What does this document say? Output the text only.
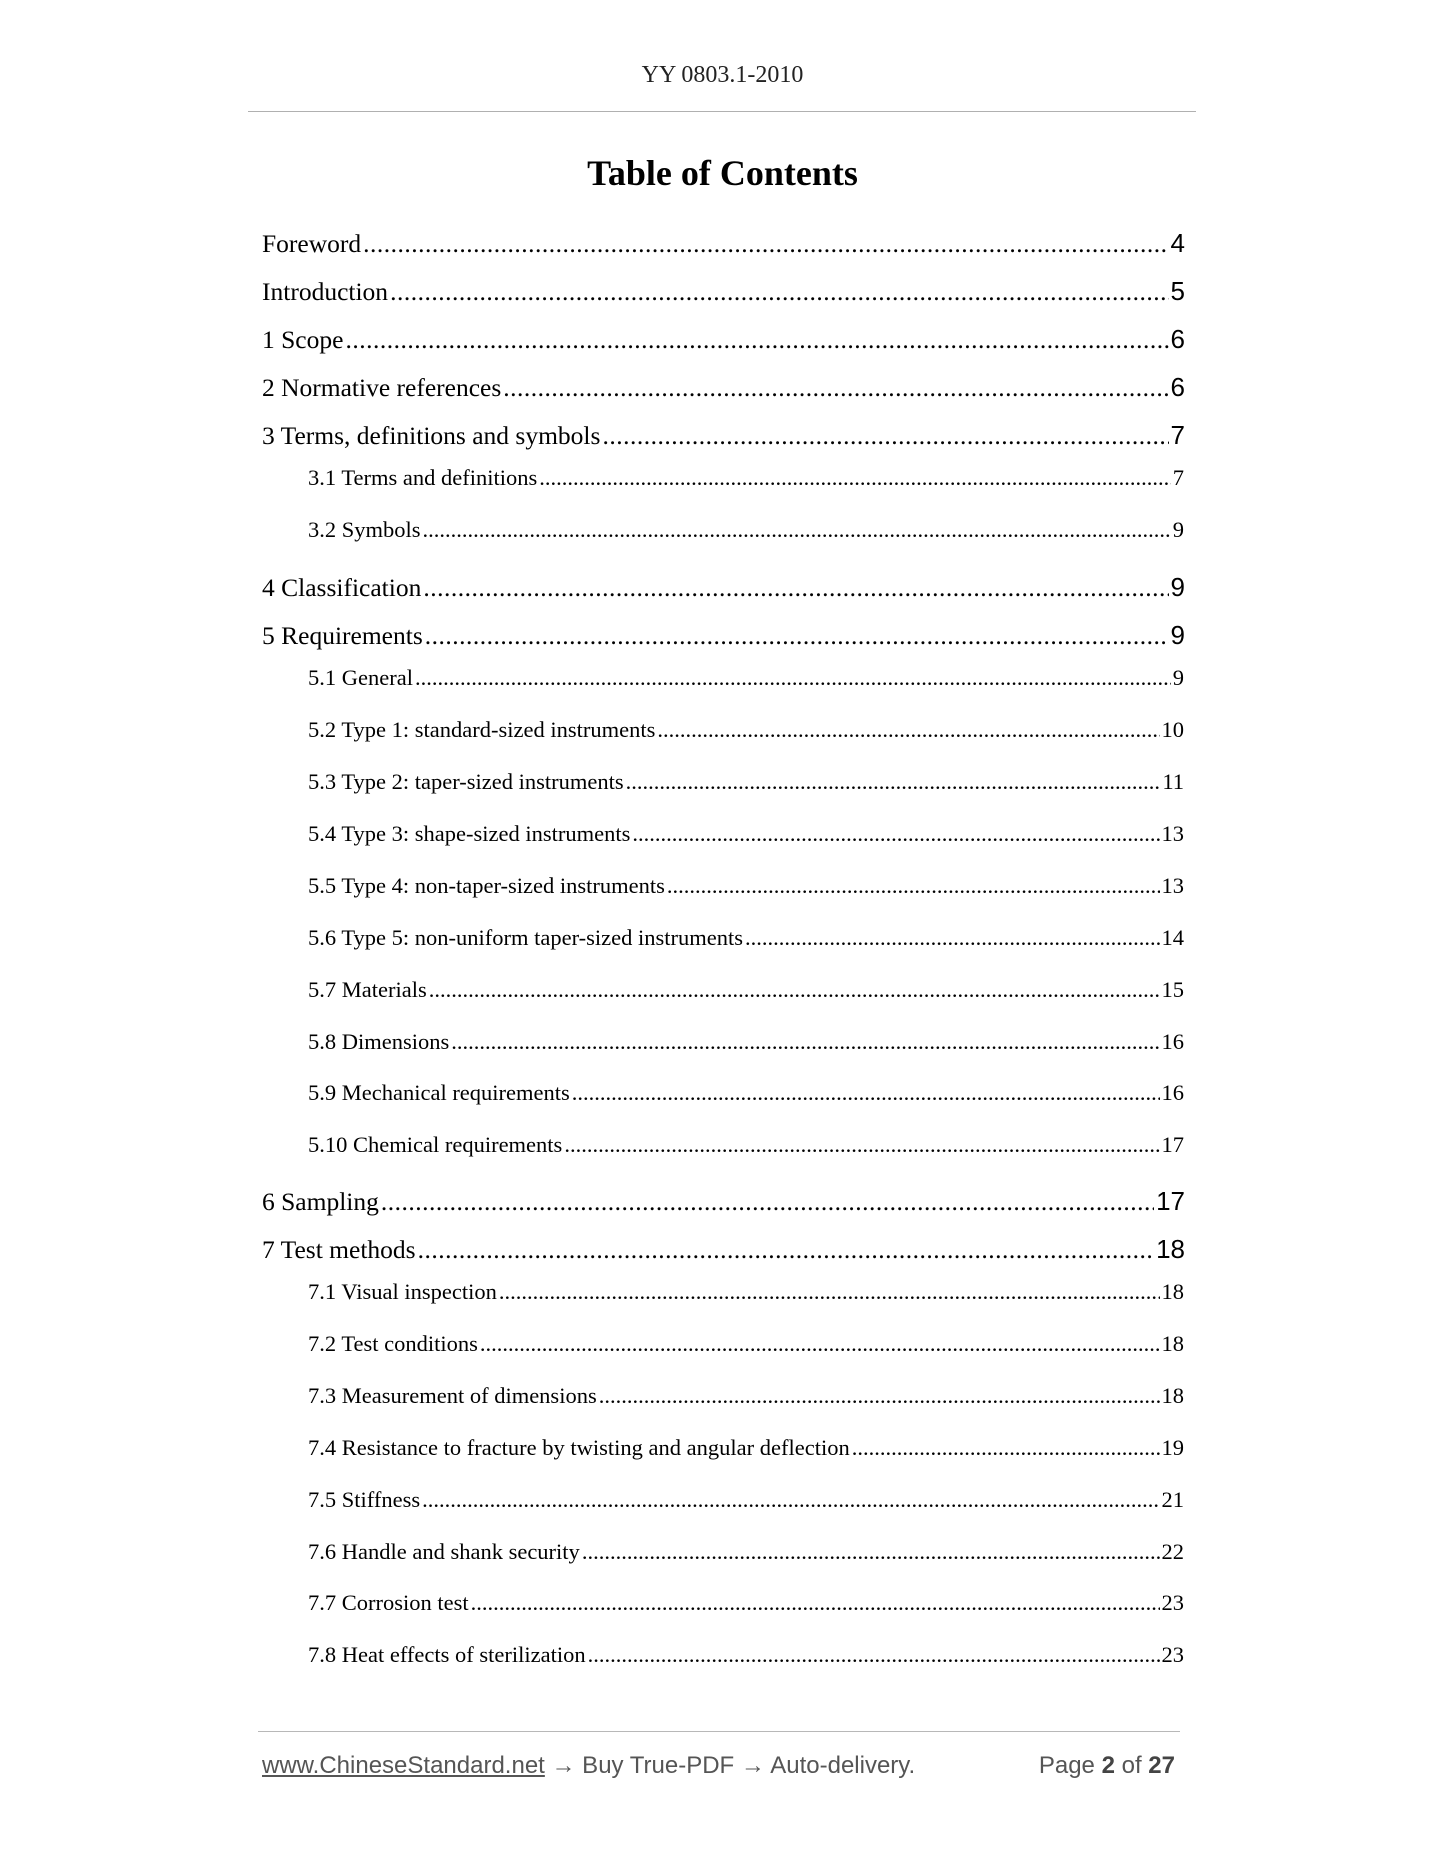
YY 0803.1-2010
Table of Contents
Foreword .....	4
Introduction .....	5
1 Scope .....	6
2 Normative references .....	6
3 Terms, definitions and symbols .....	7
3.1 Terms and definitions .....	7
3.2 Symbols .....	9
4 Classification .....	9
5 Requirements .....	9
5.1 General .....	9
5.2 Type 1: standard-sized instruments .....	10
5.3 Type 2: taper-sized instruments .....	11
5.4 Type 3: shape-sized instruments .....	13
5.5 Type 4: non-taper-sized instruments .....	13
5.6 Type 5: non-uniform taper-sized instruments .....	14
5.7 Materials .....	15
5.8 Dimensions .....	16
5.9 Mechanical requirements .....	16
5.10 Chemical requirements .....	17
6 Sampling .....	17
7 Test methods .....	18
7.1 Visual inspection .....	18
7.2 Test conditions .....	18
7.3 Measurement of dimensions .....	18
7.4 Resistance to fracture by twisting and angular deflection .....	19
7.5 Stiffness .....	21
7.6 Handle and shank security .....	22
7.7 Corrosion test .....	23
7.8 Heat effects of sterilization .....	23
www.ChineseStandard.net → Buy True-PDF → Auto-delivery.	Page 2 of 27
